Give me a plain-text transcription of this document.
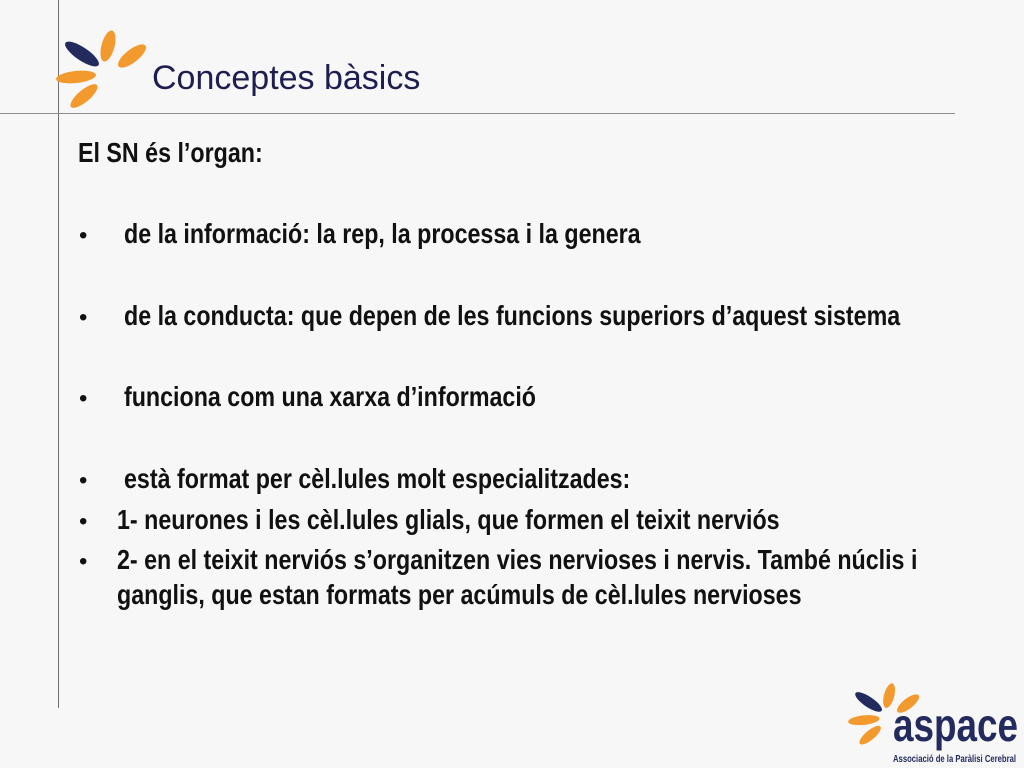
Conceptes bàsics
El SN és l’organ:
• de la informació: la rep, la processa i la genera
• de la conducta: que depen de les funcions superiors d’aquest sistema
• funciona com una xarxa d’informació
• està format per cèl.lules molt especialitzades:
• 1- neurones i les cèl.lules glials, que formen el teixit nerviós
• 2- en el teixit nerviós s’organitzen vies nervioses i nervis. També núclis i
ganglis, que estan formats per acúmuls de cèl.lules nervioses
aspace
Associació de la Paràlisi Cerebral
